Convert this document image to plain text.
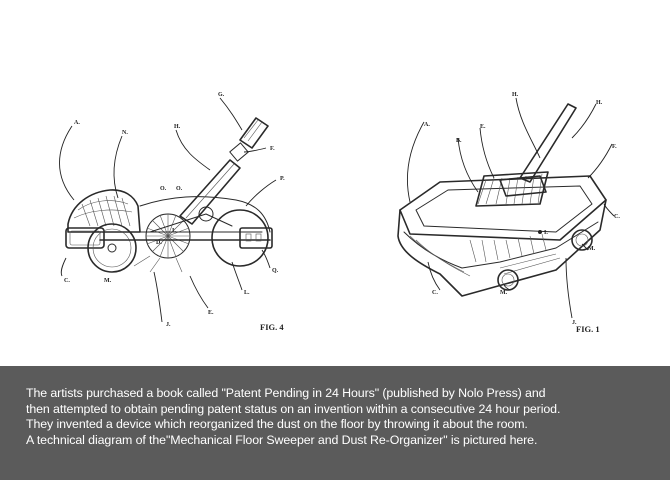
A.
N.
H.
G.
F.
P.
O. O.
I.
D.
C.	M.
J.
E.
L.
Q.
FIG. 4
H.
H.
A.	E.
B.
F.
C.
I.
M.
C.	M.
J.
FIG. 1
The artists purchased a book called "Patent Pending in 24 Hours" (published by Nolo Press) and
then attempted to obtain pending patent status on an invention within a consecutive 24 hour period.
They invented a device which reorganized the dust on the floor by throwing it about the room.
A technical diagram of the"Mechanical Floor Sweeper and Dust Re-Organizer" is pictured here.
